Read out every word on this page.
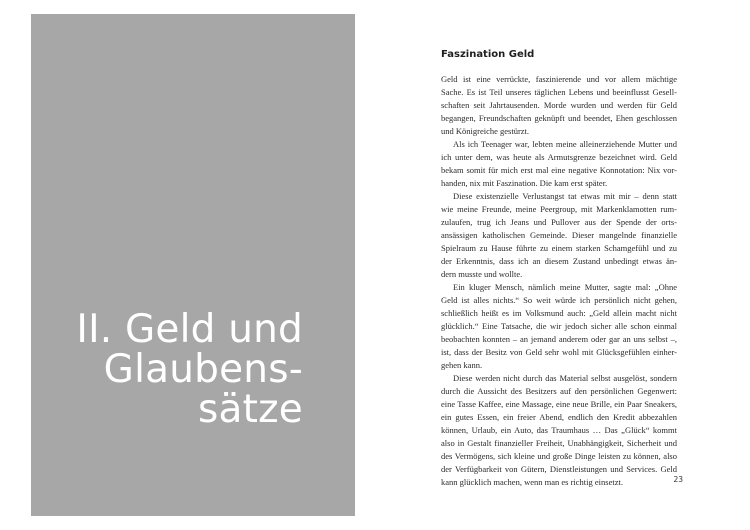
II. Geld und
Glaubens-
sätze
Faszination Geld
Geld ist eine verrückte, faszinierende und vor allem mächtige
Sache. Es ist Teil unseres täglichen Lebens und beeinflusst Gesell-
schaften seit Jahrtausenden. Morde wurden und werden für Geld
begangen, Freundschaften geknüpft und beendet, Ehen geschlossen
und Königreiche gestürzt.
Als ich Teenager war, lebten meine alleinerziehende Mutter und
ich unter dem, was heute als Armutsgrenze bezeichnet wird. Geld
bekam somit für mich erst mal eine negative Konnotation: Nix vor-
handen, nix mit Faszination. Die kam erst später.
Diese existenzielle Verlustangst tat etwas mit mir – denn statt
wie meine Freunde, meine Peergroup, mit Markenklamotten rum-
zulaufen, trug ich Jeans und Pullover aus der Spende der orts-
ansässigen katholischen Gemeinde. Dieser mangelnde finanzielle
Spielraum zu Hause führte zu einem starken Schamgefühl und zu
der Erkenntnis, dass ich an diesem Zustand unbedingt etwas än-
dern musste und wollte.
Ein kluger Mensch, nämlich meine Mutter, sagte mal: „Ohne
Geld ist alles nichts.“ So weit würde ich persönlich nicht gehen,
schließlich heißt es im Volksmund auch: „Geld allein macht nicht
glücklich.“ Eine Tatsache, die wir jedoch sicher alle schon einmal
beobachten konnten – an jemand anderem oder gar an uns selbst –,
ist, dass der Besitz von Geld sehr wohl mit Glücksgefühlen einher-
gehen kann.
Diese werden nicht durch das Material selbst ausgelöst, sondern
durch die Aussicht des Besitzers auf den persönlichen Gegenwert:
eine Tasse Kaffee, eine Massage, eine neue Brille, ein Paar Sneakers,
ein gutes Essen, ein freier Abend, endlich den Kredit abbezahlen
können, Urlaub, ein Auto, das Traumhaus … Das „Glück“ kommt
also in Gestalt finanzieller Freiheit, Unabhängigkeit, Sicherheit und
des Vermögens, sich kleine und große Dinge leisten zu können, also
der Verfügbarkeit von Gütern, Dienstleistungen und Services. Geld
kann glücklich machen, wenn man es richtig einsetzt.	23
